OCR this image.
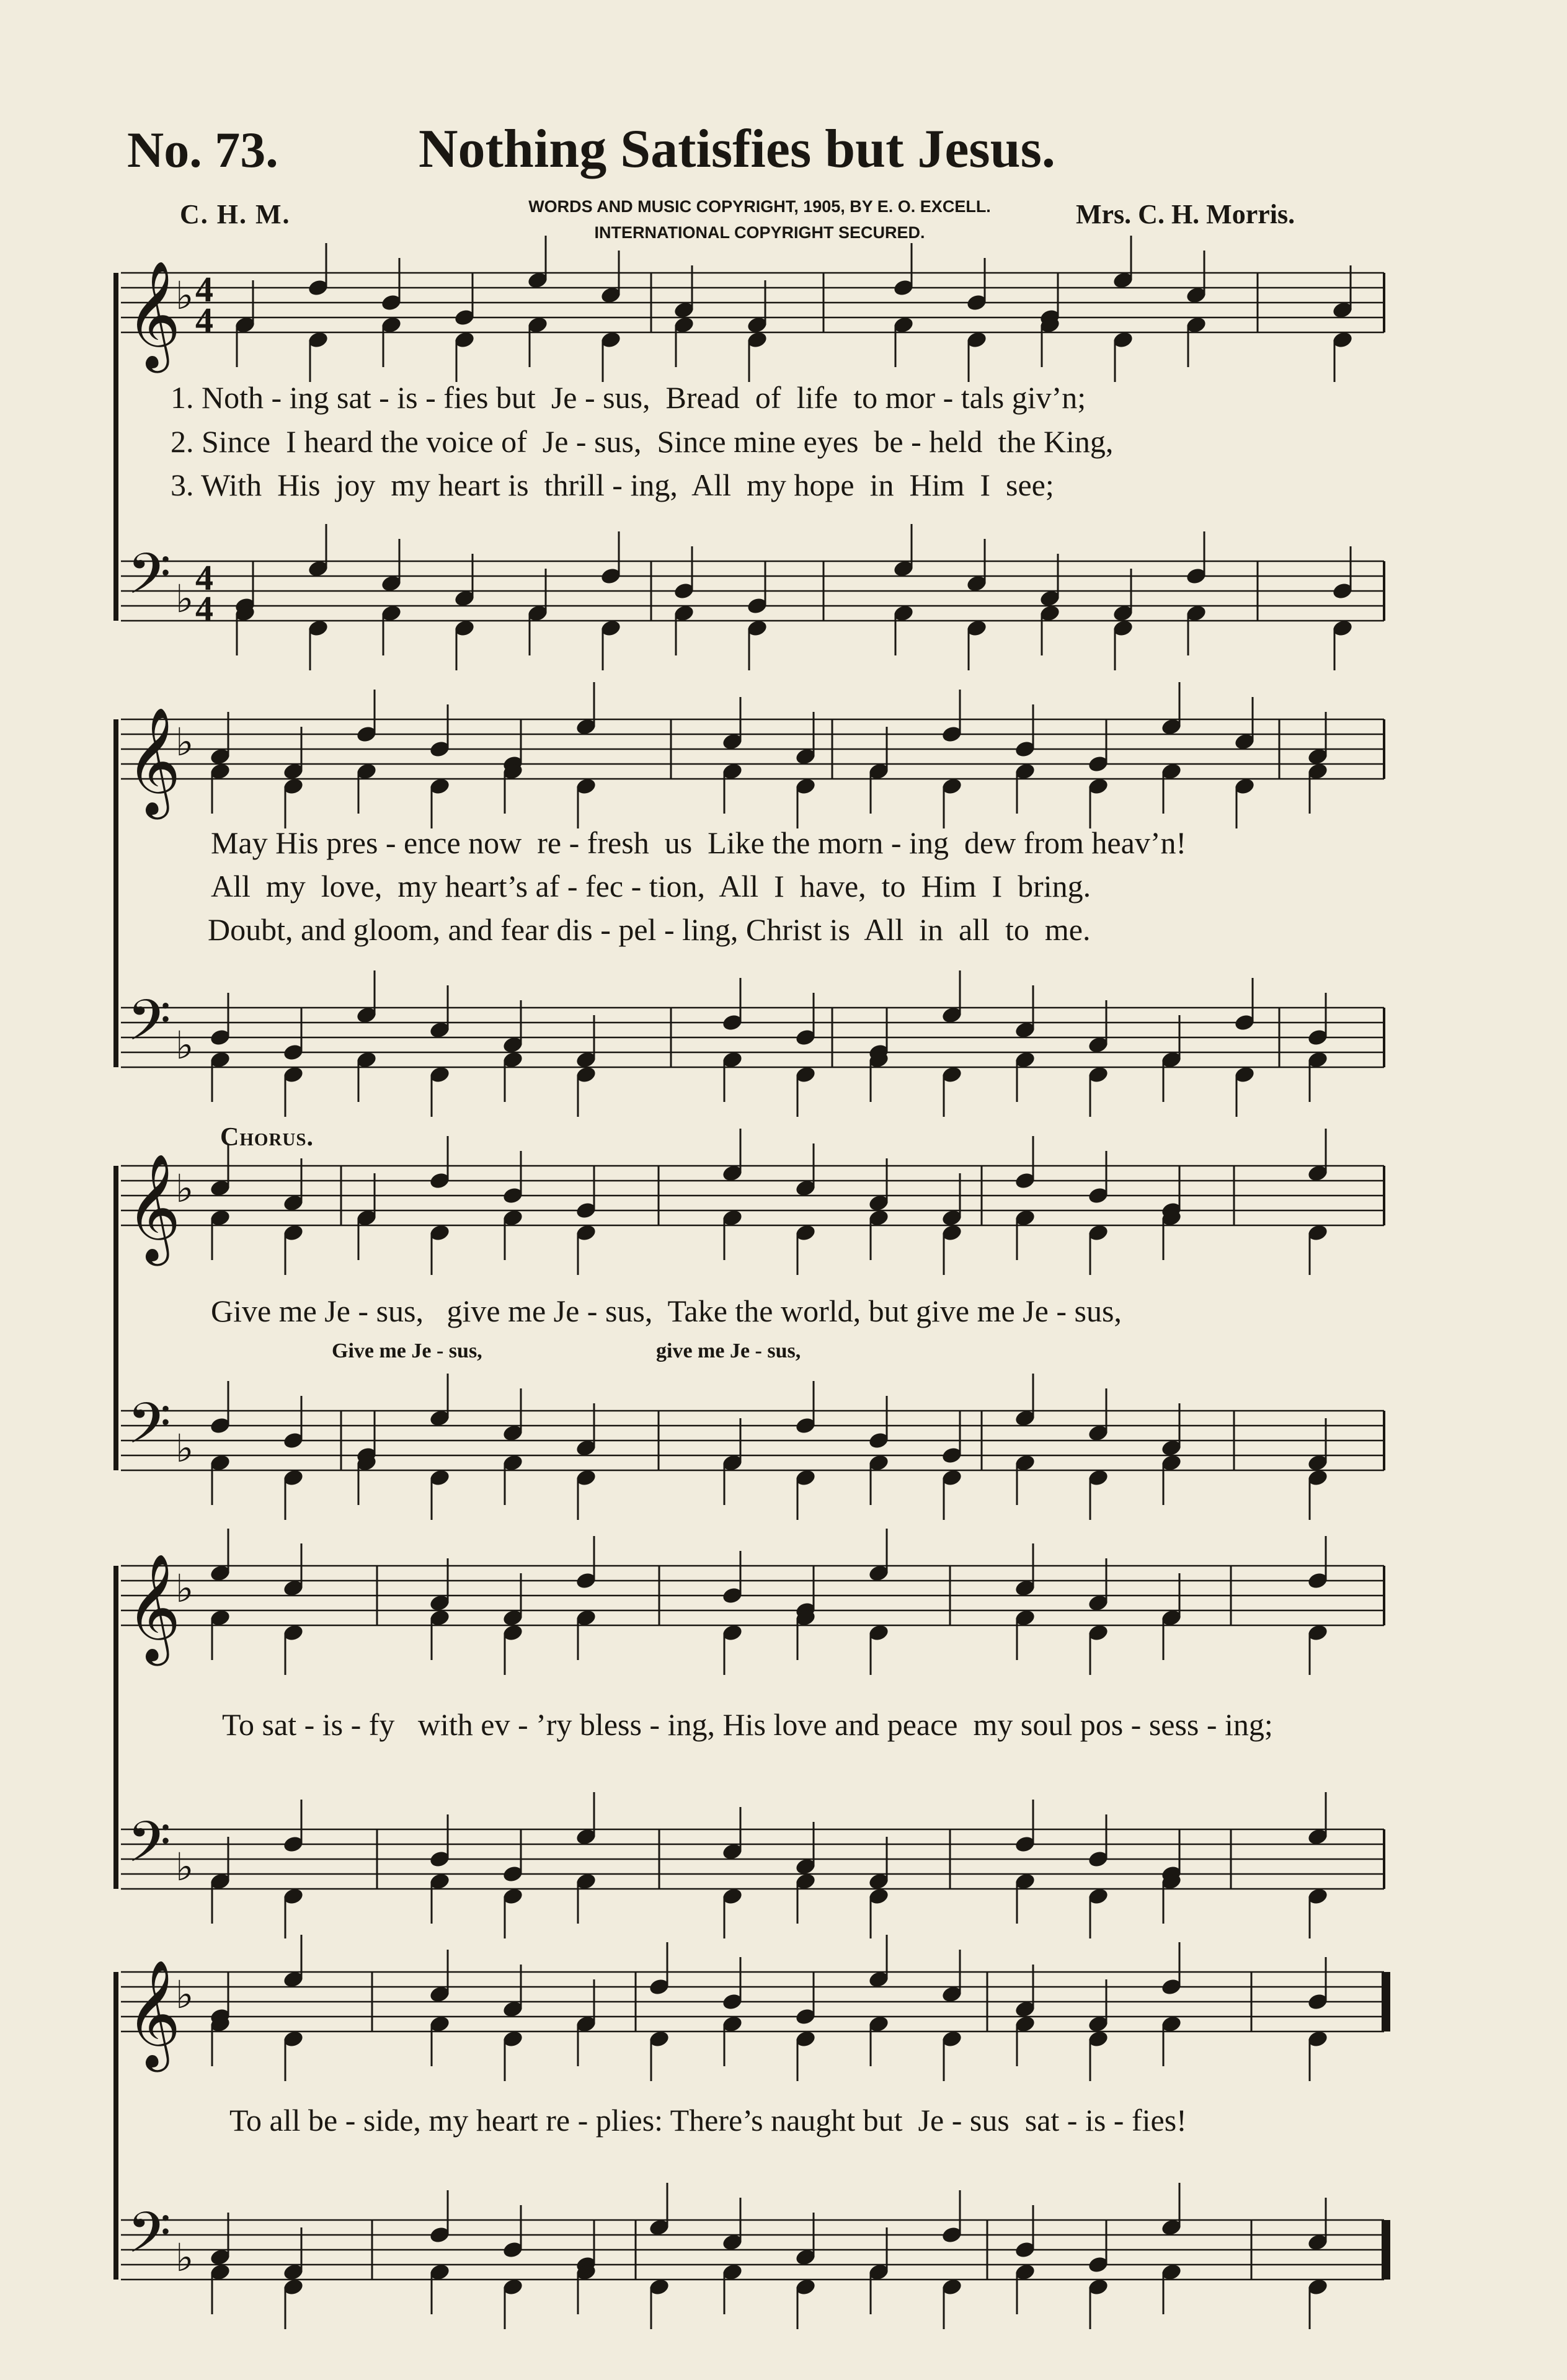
No. 73.	Nothing Satisfies but Jesus.
C. H. M.	WORDS AND MUSIC COPYRIGHT, 1905, BY E. O. EXCELL.
INTERNATIONAL COPYRIGHT SECURED.
Mrs. C. H. Morris.
𝄞
♭ 4
4
𝄢 ♭ 4
4
𝄞
♭
𝄢 ♭
𝄞
♭
𝄢 ♭
𝄞
♭
𝄢 ♭
𝄞
♭
𝄢 ♭
1. Noth - ing sat - is - fies but  Je - sus,  Bread  of  life  to mor - tals giv’n;
2. Since  I heard the voice of  Je - sus,  Since mine eyes  be - held  the King,
3. With  His  joy  my heart is  thrill - ing,  All  my hope  in  Him  I  see;
May His pres - ence now  re - fresh  us  Like the morn - ing  dew from heav’n!
All  my  love,  my heart’s af - fec - tion,  All  I  have,  to  Him  I  bring.
Doubt, and gloom, and fear dis - pel - ling, Christ is  All  in  all  to  me.
Chorus.
Give me Je - sus,   give me Je - sus,  Take the world, but give me Je - sus,
Give me Je - sus,	give me Je - sus,
To sat - is - fy   with ev - ’ry bless - ing, His love and peace  my soul pos - sess - ing;
To all be - side, my heart re - plies: There’s naught but  Je - sus  sat - is - fies!
